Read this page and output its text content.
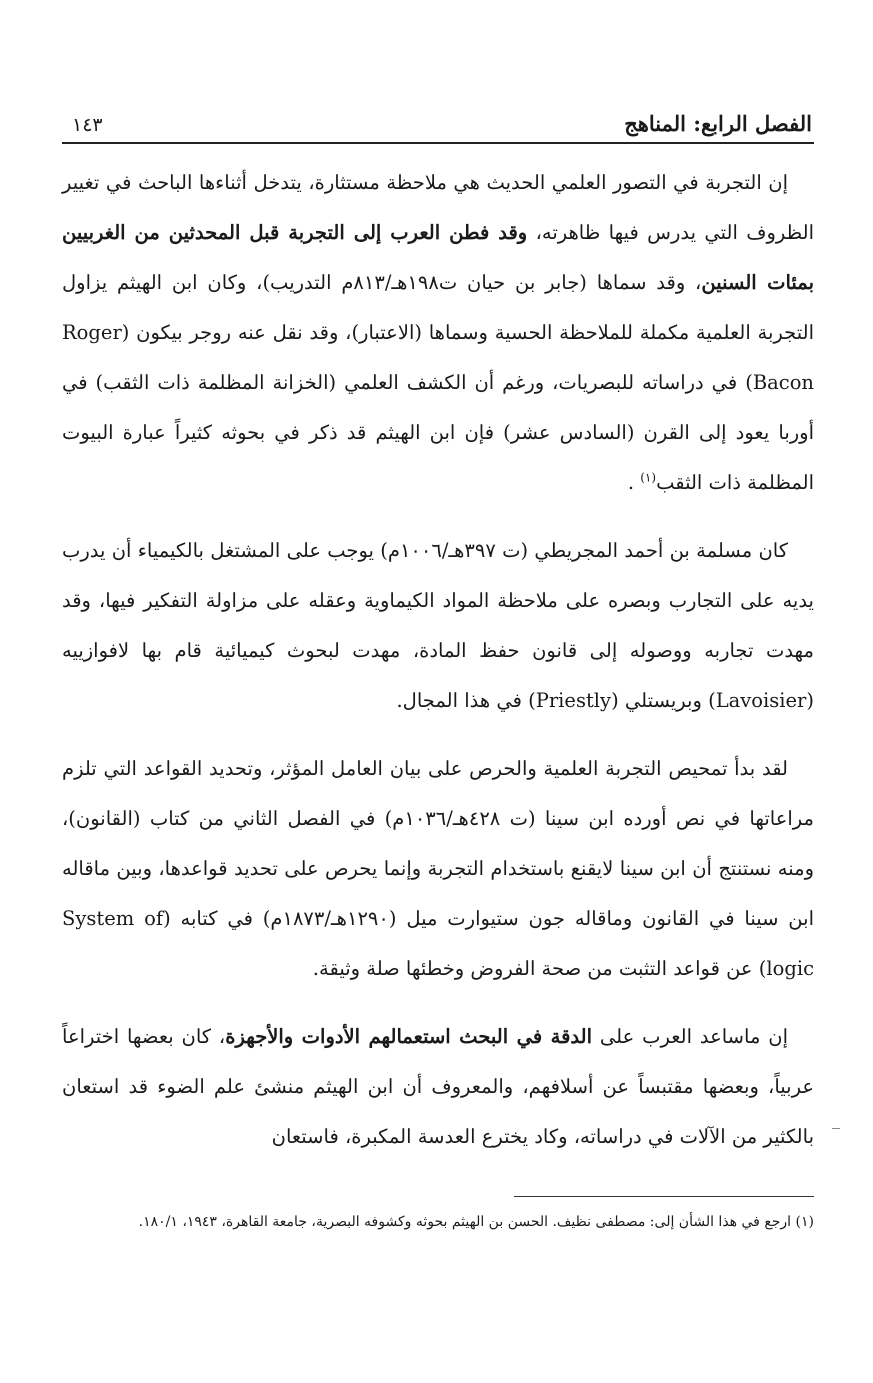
الفصل الرابع: المناهج
١٤٣

إن التجربة في التصور العلمي الحديث هي ملاحظة مستثارة، يتدخل أثناءها الباحث في تغيير الظروف التي يدرس فيها ظاهرته، وقد فطن العرب إلى التجربة قبل المحدثين من الغربيين بمئات السنين، وقد سماها (جابر بن حيان ت١٩٨هـ/٨١٣م التدريب)، وكان ابن الهيثم يزاول التجربة العلمية مكملة للملاحظة الحسية وسماها (الاعتبار)، وقد نقل عنه روجر بيكون (Roger Bacon) في دراساته للبصريات، ورغم أن الكشف العلمي (الخزانة المظلمة ذات الثقب) في أوربا يعود إلى القرن (السادس عشر) فإن ابن الهيثم قد ذكر في بحوثه كثيراً عبارة البيوت المظلمة ذات الثقب$^{(١)}$ .

كان مسلمة بن أحمد المجريطي (ت ٣٩٧هـ/١٠٠٦م) يوجب على المشتغل بالكيمياء أن يدرب يديه على التجارب وبصره على ملاحظة المواد الكيماوية وعقله على مزاولة التفكير فيها، وقد مهدت تجاربه ووصوله إلى قانون حفظ المادة، مهدت لبحوث كيميائية قام بها لافوازييه (Lavoisier) وبريستلي (Priestly) في هذا المجال.

لقد بدأ تمحيص التجربة العلمية والحرص على بيان العامل المؤثر، وتحديد القواعد التي تلزم مراعاتها في نص أورده ابن سينا (ت ٤٢٨هـ/١٠٣٦م) في الفصل الثاني من كتاب (القانون)، ومنه نستنتج أن ابن سينا لايقنع باستخدام التجربة وإنما يحرص على تحديد قواعدها، وبين ماقاله ابن سينا في القانون وماقاله جون ستيوارت ميل (١٢٩٠هـ/١٨٧٣م) في كتابه (System of logic) عن قواعد التثبت من صحة الفروض وخطئها صلة وثيقة.

إن ماساعد العرب على الدقة في البحث استعمالهم الأدوات والأجهزة، كان بعضها اختراعاً عربياً، وبعضها مقتبساً عن أسلافهم، والمعروف أن ابن الهيثم منشئ علم الضوء قد استعان بالكثير من الآلات في دراساته، وكاد يخترع العدسة المكبرة، فاستعان

(١) ارجع في هذا الشأن إلى: مصطفى نظيف. الحسن بن الهيثم بحوثه وكشوفه البصرية، جامعة القاهرة، ١٩٤٣، ١٨٠/١.
